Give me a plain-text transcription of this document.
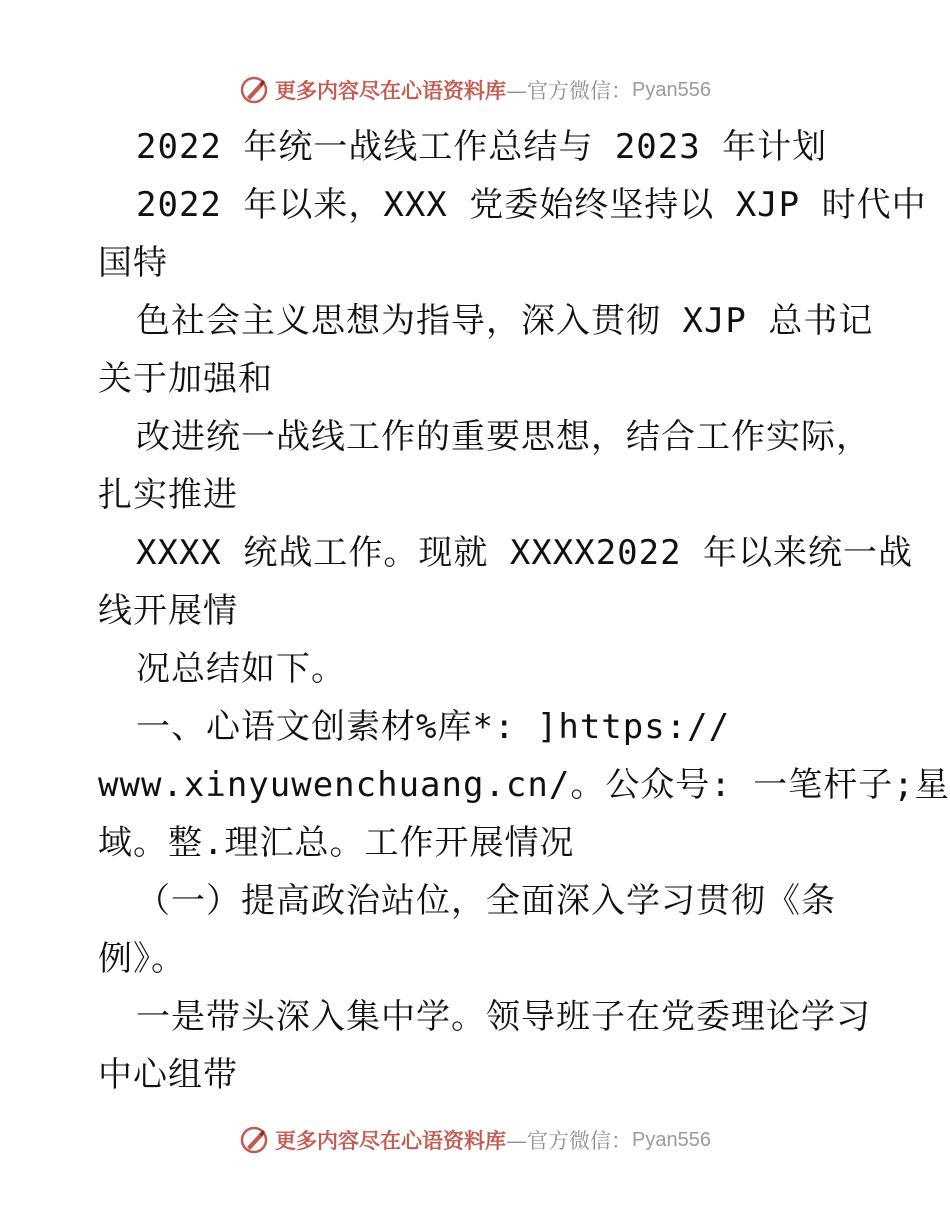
更多内容尽在心语资料库 —官方微信： Pyan556
2022 年统一战线工作总结与 2023 年计划
2022 年以来，XXX 党委始终坚持以 XJP 时代中
国特
色社会主义思想为指导，深入贯彻 XJP 总书记
关于加强和
改进统一战线工作的重要思想，结合工作实际，
扎实推进
XXXX 统战工作。现就 XXXX2022 年以来统一战
线开展情
况总结如下。
一、心语文创素材%库*: ]https://
www.xinyuwenchuang.cn/。公众号: 一笔杆子;星
域。整.理汇总。工作开展情况
（一）提高政治站位，全面深入学习贯彻《条
例》。
一是带头深入集中学。领导班子在党委理论学习
中心组带
更多内容尽在心语资料库 —官方微信： Pyan556
